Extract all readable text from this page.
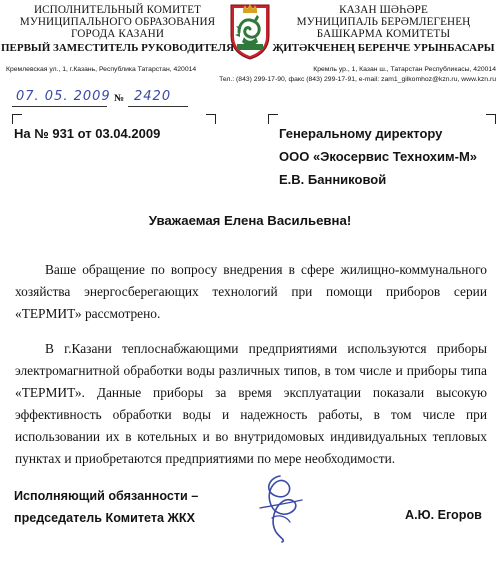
ИСПОЛНИТЕЛЬНЫЙ КОМИТЕТ
МУНИЦИПАЛЬНОГО ОБРАЗОВАНИЯ
ГОРОДА КАЗАНИ
ПЕРВЫЙ ЗАМЕСТИТЕЛЬ РУКОВОДИТЕЛЯ
КАЗАН ШӘҺӘРЕ
МУНИЦИПАЛЬ БЕРӘМЛЕГЕНЕҢ
БАШКАРМА КОМИТЕТЫ
ҖИТӘКЧЕНЕҢ БЕРЕНЧЕ УРЫНБАСАРЫ
Кремлевская ул., 1, г.Казань, Республика Татарстан, 420014	Кремль ур., 1, Казан ш., Татарстан Республикасы, 420014
Тел.: (843) 299-17-90, факс (843) 299-17-91, e-mail: zam1_gilkomhoz@kzn.ru, www.kzn.ru
07. 05. 2009 № 2420
На № 931 от 03.04.2009	Генеральному директору
ООО «Экосервис Технохим-М»
Е.В. Банниковой
Уважаемая Елена Васильевна!
Ваше обращение по вопросу внедрения в сфере жилищно-коммунального хозяйства энергосберегающих технологий при помощи приборов серии «ТЕРМИТ» рассмотрено.
В г.Казани теплоснабжающими предприятиями используются приборы электромагнитной обработки воды различных типов, в том числе и приборы типа «ТЕРМИТ». Данные приборы за время эксплуатации показали высокую эффективность обработки воды и надежность работы, в том числе при использовании их в котельных и во внутридомовых индивидуальных тепловых пунктах и приобретаются предприятиями по мере необходимости.
Исполняющий обязанности –
председатель Комитета ЖКХ	А.Ю. Егоров
